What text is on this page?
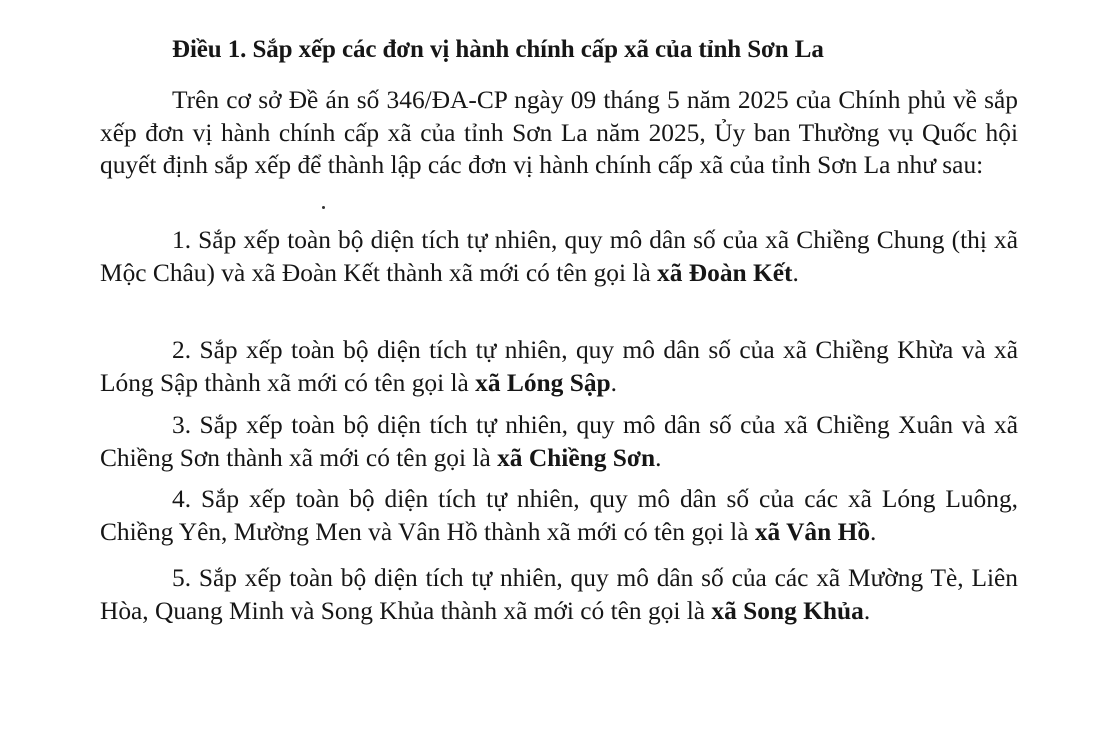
Điều 1. Sắp xếp các đơn vị hành chính cấp xã của tỉnh Sơn La

Trên cơ sở Đề án số 346/ĐA-CP ngày 09 tháng 5 năm 2025 của Chính phủ về sắp xếp đơn vị hành chính cấp xã của tỉnh Sơn La năm 2025, Ủy ban Thường vụ Quốc hội quyết định sắp xếp để thành lập các đơn vị hành chính cấp xã của tỉnh Sơn La như sau:

1. Sắp xếp toàn bộ diện tích tự nhiên, quy mô dân số của xã Chiềng Chung (thị xã Mộc Châu) và xã Đoàn Kết thành xã mới có tên gọi là xã Đoàn Kết.

2. Sắp xếp toàn bộ diện tích tự nhiên, quy mô dân số của xã Chiềng Khừa và xã Lóng Sập thành xã mới có tên gọi là xã Lóng Sập.

3. Sắp xếp toàn bộ diện tích tự nhiên, quy mô dân số của xã Chiềng Xuân và xã Chiềng Sơn thành xã mới có tên gọi là xã Chiềng Sơn.

4. Sắp xếp toàn bộ diện tích tự nhiên, quy mô dân số của các xã Lóng Luông, Chiềng Yên, Mường Men và Vân Hồ thành xã mới có tên gọi là xã Vân Hồ.

5. Sắp xếp toàn bộ diện tích tự nhiên, quy mô dân số của các xã Mường Tè, Liên Hòa, Quang Minh và Song Khủa thành xã mới có tên gọi là xã Song Khủa.
